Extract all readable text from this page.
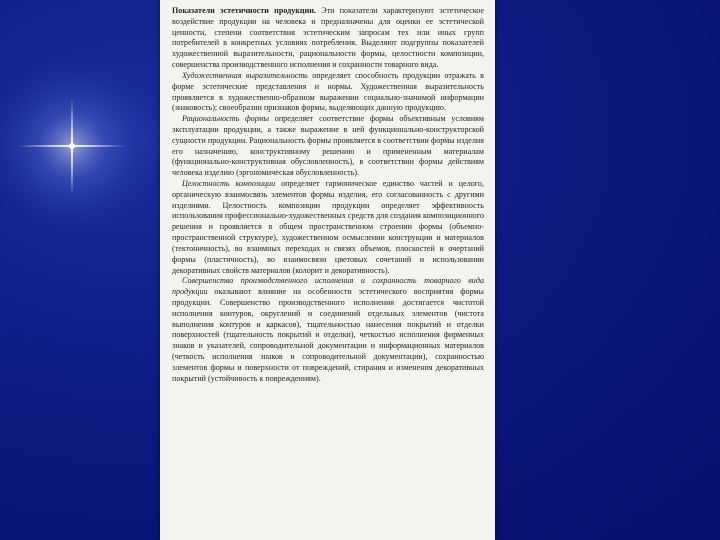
Показатели эстетичности продукции. Эти показатели характеризуют эстетическое воздействие продукции на человека и предназначены для оценки ее эстетической ценности, степени соответствия эстетическим запросам тех или иных групп потребителей в конкретных условиях потребления. Выделяют подгруппы показателей художественной выразительности, рациональности формы, целостности композиции, совершенства производственного исполнения и сохранности товарного вида.

Художественная выразительность определяет способность продукции отражать в форме эстетические представления и нормы. Художественная выразительность проявляется в художественно-образном выражении социально-значимой информации (знаковость); своеобразии признаков формы, выделяющих данную продукцию.

Рациональность формы определяет соответствие формы объективным условиям эксплуатации продукции, а также выражение в ней функционально-конструкторской сущности продукции. Рациональность формы проявляется в соответствии формы изделия его назначению, конструктивному решению и примененным материалам (функционально-конструктивная обусловленность), в соответствии формы действиям человека изделию (эргономическая обусловленность).

Целостность композиции определяет гармоническое единство частей и целого, органическую взаимосвязь элементов формы изделия, его согласованность с другими изделиями. Целостность композиции продукции определяет эффективность использования профессионально-художественных средств для создания композиционного решения и проявляется в общем пространственном строении формы (объемно-пространственной структуре), художественном осмыслении конструкции и материалов (тектоничность), во взаимных переходах и связях объемов, плоскостей и очертаний формы (пластичность), во взаимосвязи цветовых сочетаний и использовании декоративных свойств материалов (колорит и декоративность).

Совершенство производственного исполнения и сохранность товарного вида продукции оказывают влияние на особенности эстетического восприятия формы продукции. Совершенство производственного исполнения достигается чистотой исполнения контуров, округлений и соединений отдельных элементов (чистота выполнения контуров и каркасов), тщательностью нанесения покрытий и отделки поверхностей (тщательность покрытий и отделки), четкостью исполнения фирменных знаков и указателей, сопроводительной документации и информационных материалов (четкость исполнения знаков и сопроводительной документации), сохранностью элементов формы и поверхности от повреждений, стирания и изменения декоративных покрытий (устойчивость к повреждениям).
